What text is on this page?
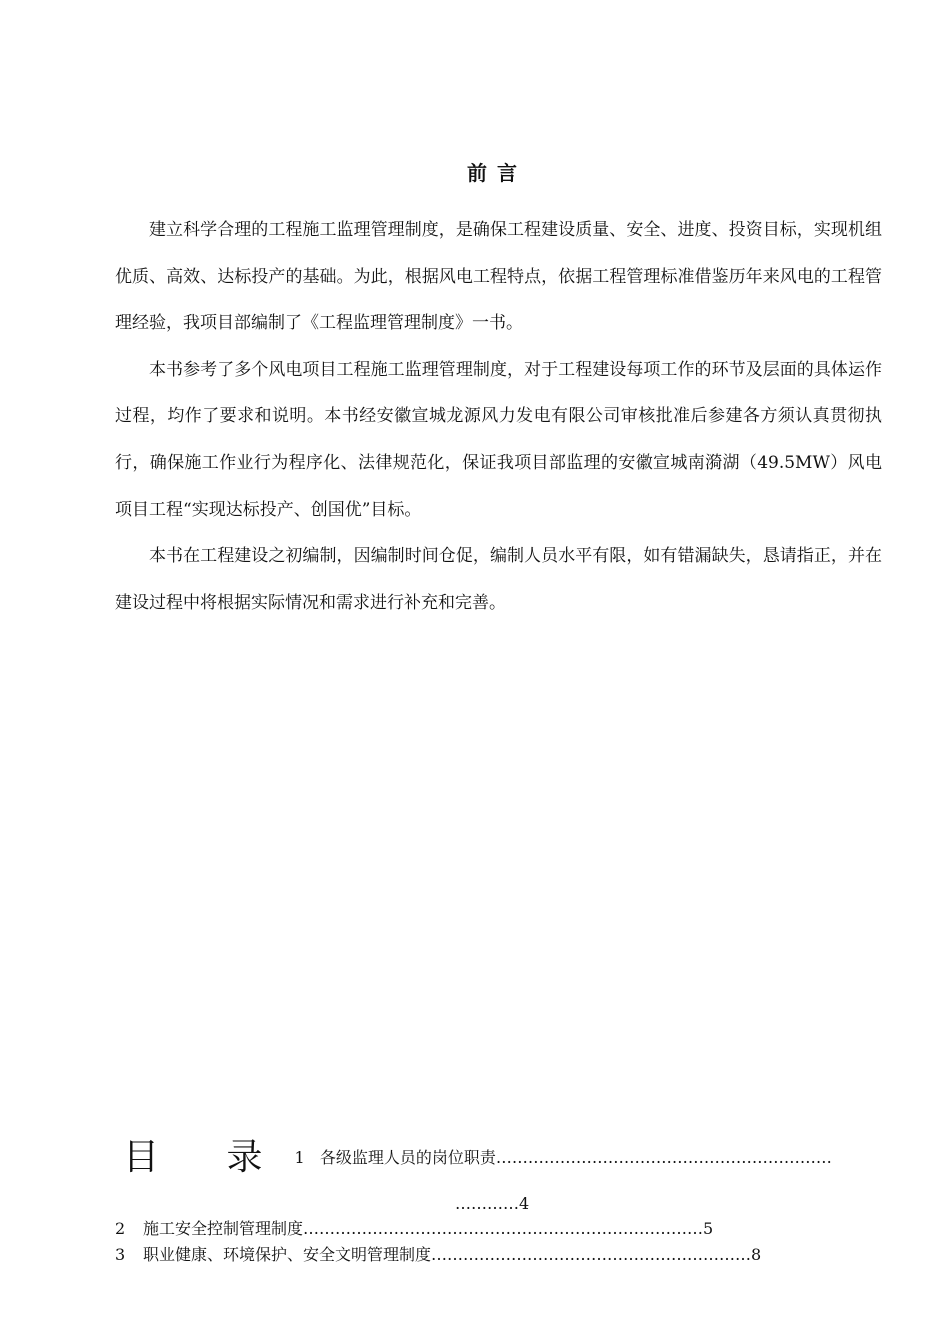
前言

建立科学合理的工程施工监理管理制度，是确保工程建设质量、安全、进度、投资目标，实现机组优质、高效、达标投产的基础。为此，根据风电工程特点，依据工程管理标准借鉴历年来风电的工程管理经验，我项目部编制了《工程监理管理制度》一书。

本书参考了多个风电项目工程施工监理管理制度，对于工程建设每项工作的环节及层面的具体运作过程，均作了要求和说明。本书经安徽宣城龙源风力发电有限公司审核批准后参建各方须认真贯彻执行，确保施工作业行为程序化、法律规范化，保证我项目部监理的安徽宣城南漪湖（49.5MW）风电项目工程“实现达标投产、创国优”目标。

本书在工程建设之初编制，因编制时间仓促，编制人员水平有限，如有错漏缺失，恳请指正，并在建设过程中将根据实际情况和需求进行补充和完善。

目 录 1 各级监理人员的岗位职责………………………………………………………
…………4
2 施工安全控制管理制度…………………………………………………………………5
3 职业健康、环境保护、安全文明管理制度……………………………………………………8
